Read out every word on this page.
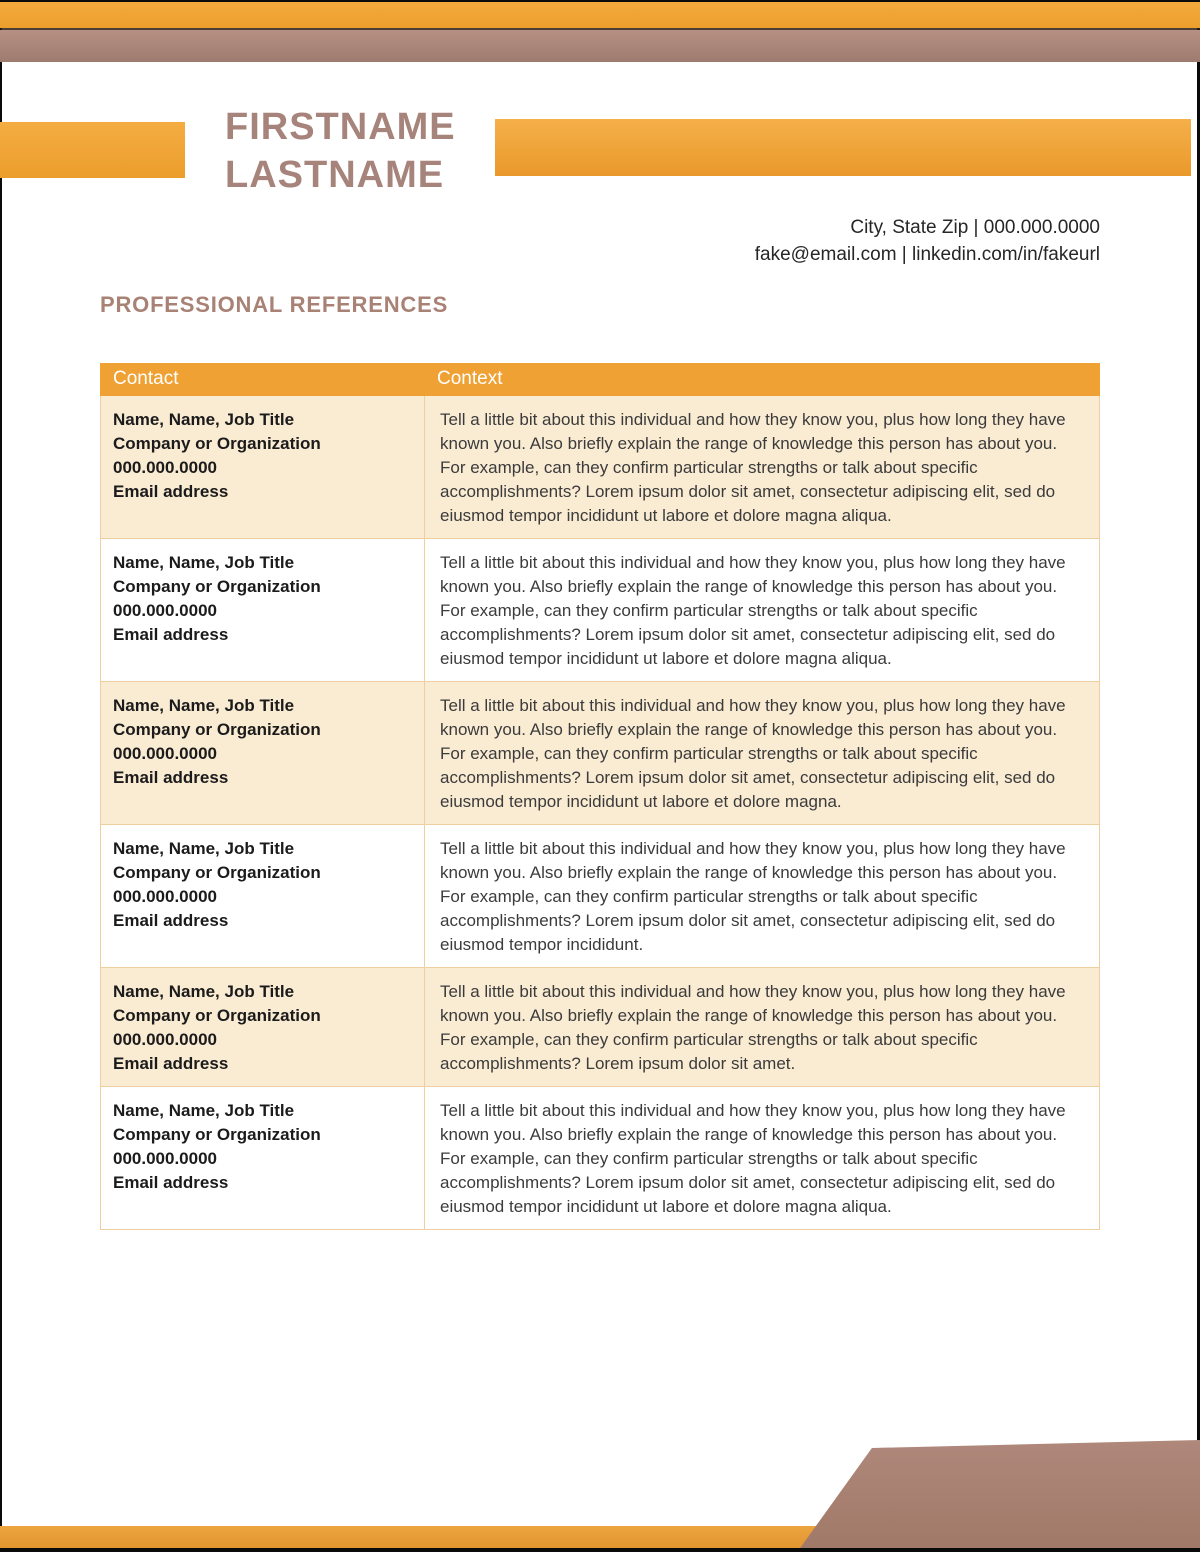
FIRSTNAME
LASTNAME
City, State Zip | 000.000.0000
fake@email.com | linkedin.com/in/fakeurl
PROFESSIONAL REFERENCES
Contact	Context

Name, Name, Job Title
Company or Organization
000.000.0000
Email address
	Tell a little bit about this individual and how they know you, plus how long they have known you. Also briefly explain the range of knowledge this person has about you. For example, can they confirm particular strengths or talk about specific accomplishments? Lorem ipsum dolor sit amet, consectetur adipiscing elit, sed do eiusmod tempor incididunt ut labore et dolore magna aliqua.

Name, Name, Job Title
Company or Organization
000.000.0000
Email address
	Tell a little bit about this individual and how they know you, plus how long they have known you. Also briefly explain the range of knowledge this person has about you. For example, can they confirm particular strengths or talk about specific accomplishments? Lorem ipsum dolor sit amet, consectetur adipiscing elit, sed do eiusmod tempor incididunt ut labore et dolore magna aliqua.

Name, Name, Job Title
Company or Organization
000.000.0000
Email address
	Tell a little bit about this individual and how they know you, plus how long they have known you. Also briefly explain the range of knowledge this person has about you. For example, can they confirm particular strengths or talk about specific accomplishments? Lorem ipsum dolor sit amet, consectetur adipiscing elit, sed do eiusmod tempor incididunt ut labore et dolore magna.

Name, Name, Job Title
Company or Organization
000.000.0000
Email address
	Tell a little bit about this individual and how they know you, plus how long they have known you. Also briefly explain the range of knowledge this person has about you. For example, can they confirm particular strengths or talk about specific accomplishments? Lorem ipsum dolor sit amet, consectetur adipiscing elit, sed do eiusmod tempor incididunt.

Name, Name, Job Title
Company or Organization
000.000.0000
Email address
	Tell a little bit about this individual and how they know you, plus how long they have known you. Also briefly explain the range of knowledge this person has about you. For example, can they confirm particular strengths or talk about specific accomplishments? Lorem ipsum dolor sit amet.

Name, Name, Job Title
Company or Organization
000.000.0000
Email address
	Tell a little bit about this individual and how they know you, plus how long they have known you. Also briefly explain the range of knowledge this person has about you. For example, can they confirm particular strengths or talk about specific accomplishments? Lorem ipsum dolor sit amet, consectetur adipiscing elit, sed do eiusmod tempor incididunt ut labore et dolore magna aliqua.
